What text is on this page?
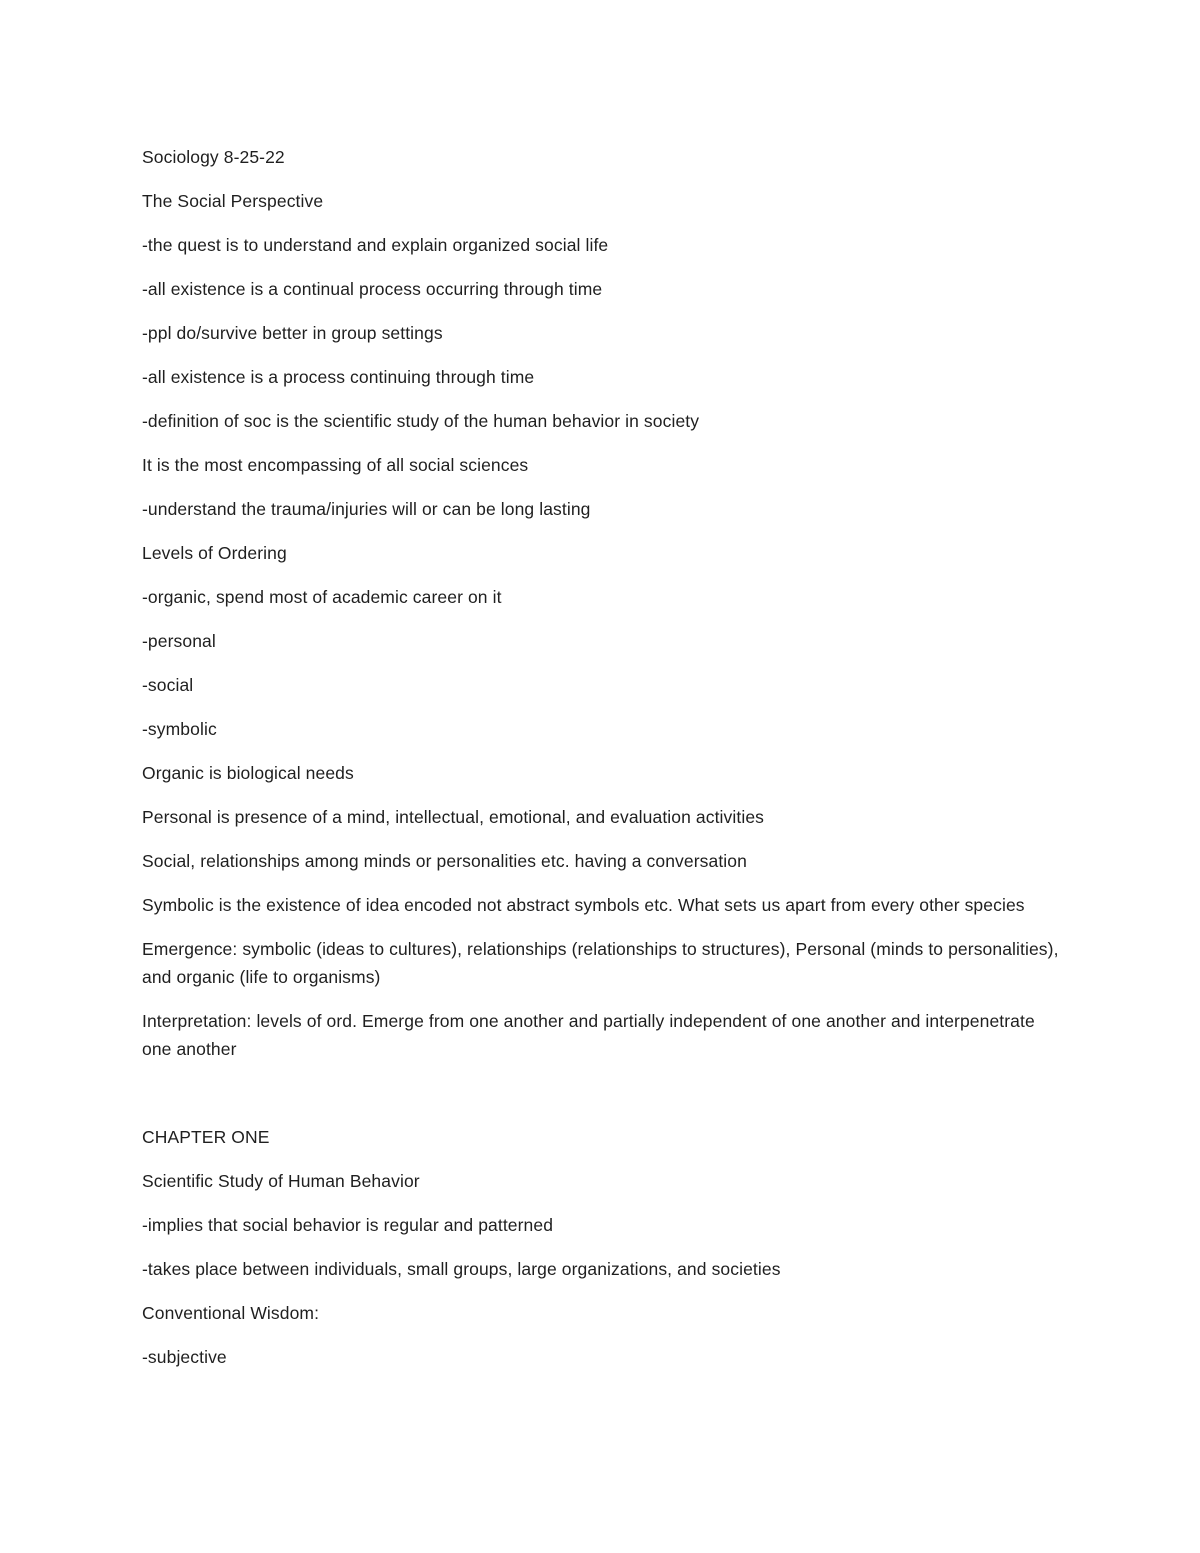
Sociology 8-25-22

The Social Perspective

-the quest is to understand and explain organized social life

-all existence is a continual process occurring through time

-ppl do/survive better in group settings

-all existence is a process continuing through time

-definition of soc is the scientific study of the human behavior in society

It is the most encompassing of all social sciences

-understand the trauma/injuries will or can be long lasting

Levels of Ordering

-organic, spend most of academic career on it

-personal

-social

-symbolic

Organic is biological needs

Personal is presence of a mind, intellectual, emotional, and evaluation activities

Social, relationships among minds or personalities etc. having a conversation

Symbolic is the existence of idea encoded not abstract symbols etc. What sets us apart from every other species

Emergence: symbolic (ideas to cultures), relationships (relationships to structures), Personal (minds to personalities), and organic (life to organisms)

Interpretation: levels of ord. Emerge from one another and partially independent of one another and interpenetrate one another

CHAPTER ONE

Scientific Study of Human Behavior

-implies that social behavior is regular and patterned

-takes place between individuals, small groups, large organizations, and societies

Conventional Wisdom:

-subjective
